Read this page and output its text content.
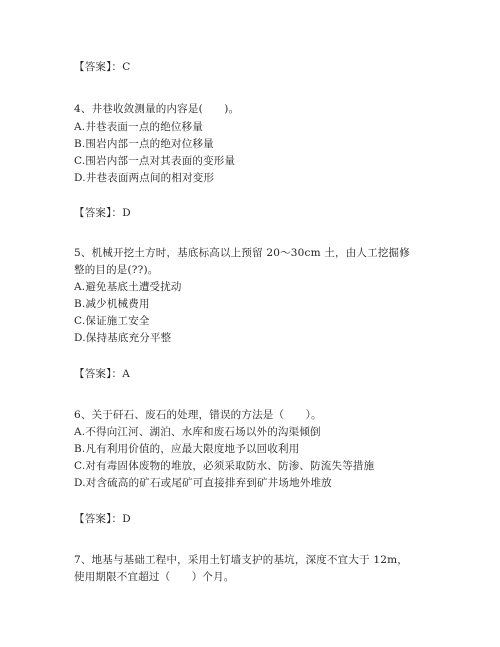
【答案】：C
4、井巷收敛测量的内容是(　　)。
A.井巷表面一点的绝位移量
B.围岩内部一点的绝对位移量
C.围岩内部一点对其表面的变形量
D.井巷表面两点间的相对变形
【答案】：D
5、机械开挖土方时，基底标高以上预留 20～30cm 土，由人工挖掘修
整的目的是(??)。
A.避免基底土遭受扰动
B.减少机械费用
C.保证施工安全
D.保持基底充分平整
【答案】：A
6、关于矸石、废石的处理，错误的方法是（　　）。
A.不得向江河、湖泊、水库和废石场以外的沟渠倾倒
B.凡有利用价值的，应最大限度地予以回收利用
C.对有毒固体废物的堆放，必须采取防水、防渗、防流失等措施
D.对含硫高的矿石或尾矿可直接排弃到矿井场地外堆放
【答案】：D
7、地基与基础工程中，采用土钉墙支护的基坑，深度不宜大于 12m，
使用期限不宜超过（　　）个月。
